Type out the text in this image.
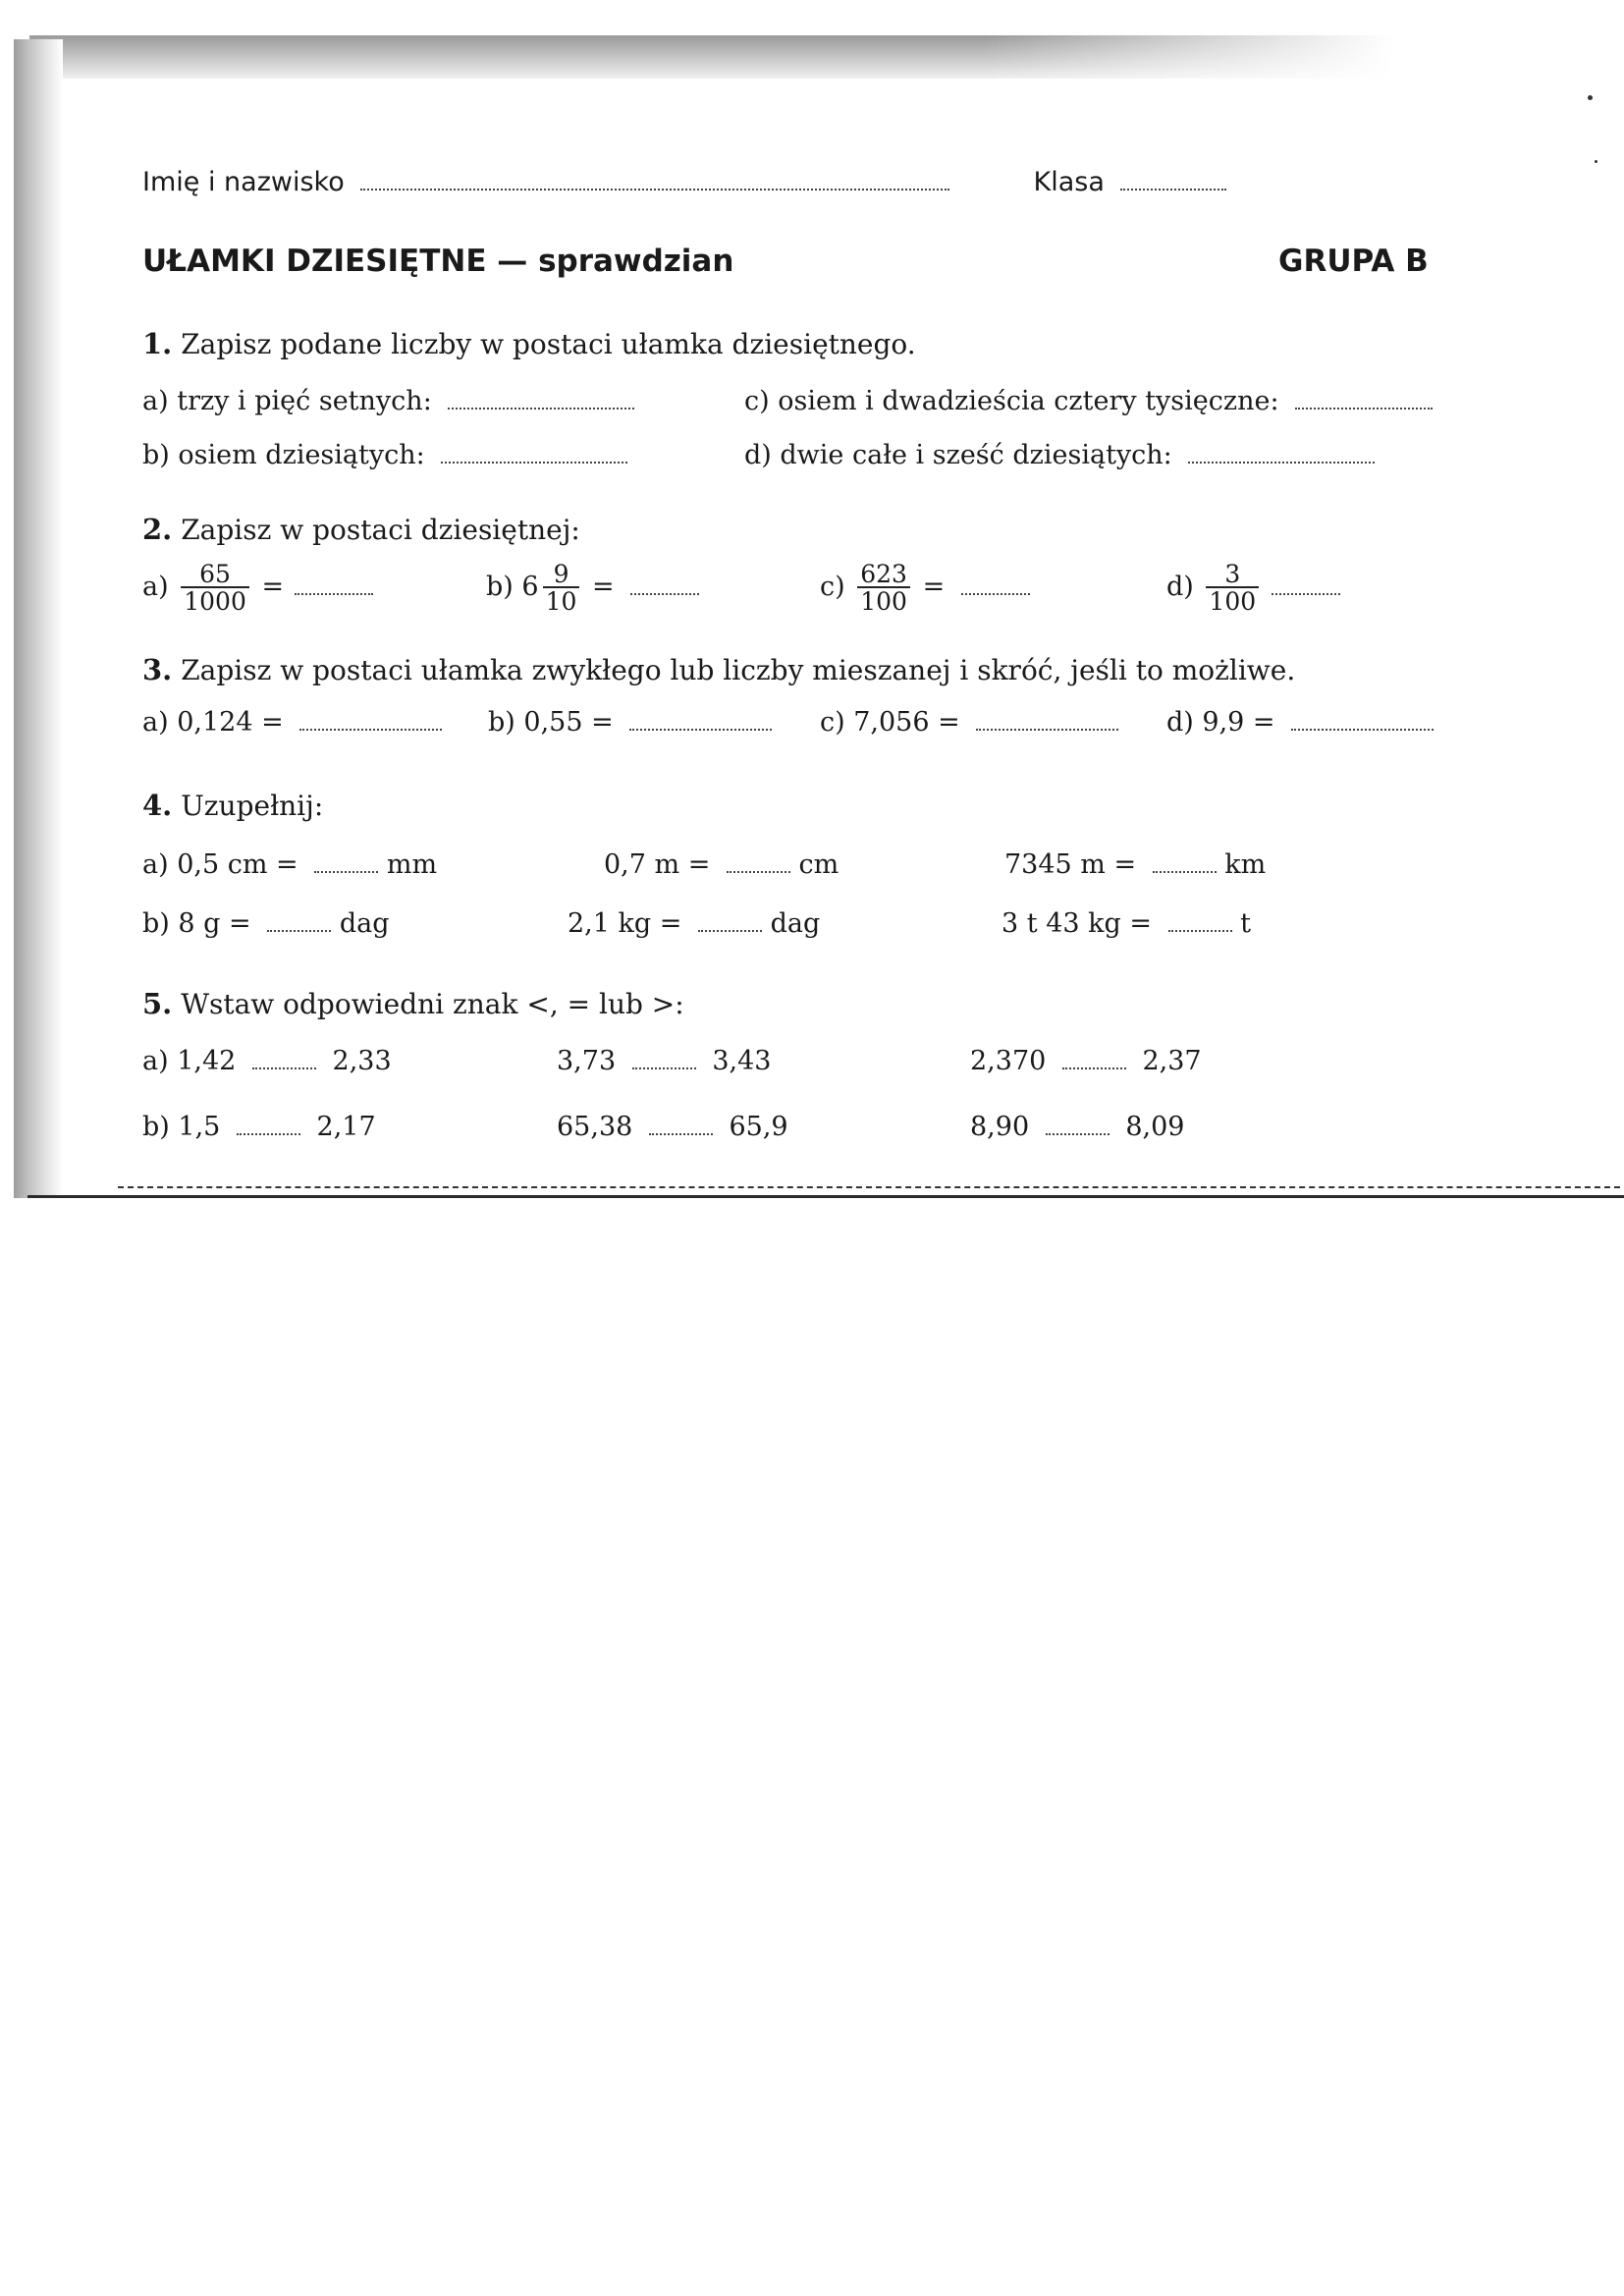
Imię i nazwisko	Klasa
UŁAMKI DZIESIĘTNE — sprawdzian	GRUPA B
1. Zapisz podane liczby w postaci ułamka dziesiętnego.
a) trzy i pięć setnych:
b) osiem dziesiątych:
c) osiem i dwadzieścia cztery tysięczne:
d) dwie całe i sześć dziesiątych:
2. Zapisz w postaci dziesiętnej:
$a) \frac{65}{1000}$ =	b) $6 \frac{9}{10}$ =	$c) \frac{623}{100}$ =	$d) \frac{3}{100}$

3. Zapisz w postaci ułamka zwykłego lub liczby mieszanej i skróć, jeśli to możliwe.
a) 0,124 =	b) 0,55 =	c) 7,056 =	d) 9,9 =
4. Uzupełnij:
a) 0,5 cm =	mm	0,7 m =	cm	7345 m =	km
b) 8 g =	dag	2,1 kg =	dag	3 t 43 kg =	t
5. Wstaw odpowiedni znak <, = lub >:
a) 1,42	2,33	3,73	3,43	2,370	2,37
b) 1,5	2,17	65,38	65,9	8,90	8,09
